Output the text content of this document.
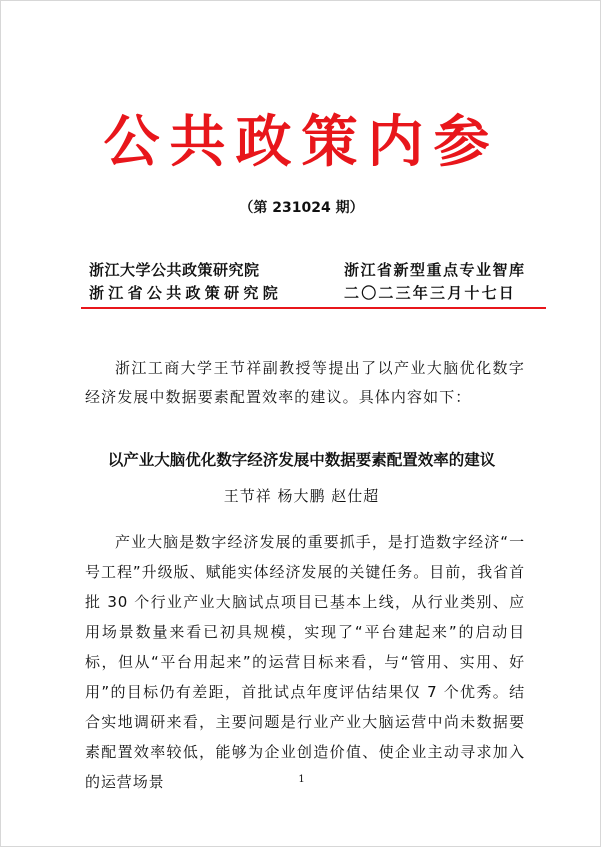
公共政策内参
（第 231024 期）
浙江大学公共政策研究院
浙江省公共政策研究院
浙江省新型重点专业智库
二〇二三年三月十七日
浙江工商大学王节祥副教授等提出了以产业大脑优化数字经济发展中数据要素配置效率的建议。具体内容如下：
以产业大脑优化数字经济发展中数据要素配置效率的建议
王节祥 杨大鹏 赵仕超
产业大脑是数字经济发展的重要抓手，是打造数字经济“一号工程”升级版、赋能实体经济发展的关键任务。目前，我省首批 30 个行业产业大脑试点项目已基本上线，从行业类别、应用场景数量来看已初具规模，实现了“平台建起来”的启动目标，但从“平台用起来”的运营目标来看，与“管用、实用、好用”的目标仍有差距，首批试点年度评估结果仅 7 个优秀。结合实地调研来看，主要问题是行业产业大脑运营中尚未数据要素配置效率较低，能够为企业创造价值、使企业主动寻求加入的运营场景	1
